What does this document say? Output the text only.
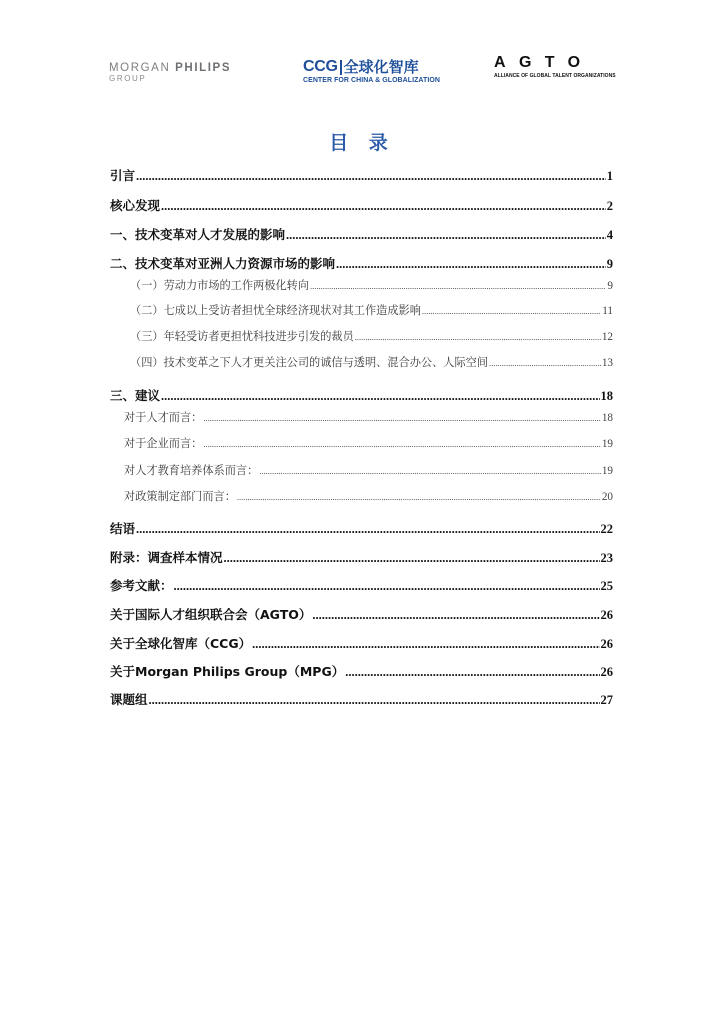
MORGAN PHILIPS
GROUP
CCG 全球化智库
CENTER FOR CHINA & GLOBALIZATION
AGTO
ALLIANCE OF GLOBAL TALENT ORGANIZATIONS
目 录
引言 .....	1
核心发现 .....	2
一、技术变革对人才发展的影响 .....	4
二、技术变革对亚洲人力资源市场的影响 .....	9
（一）劳动力市场的工作两极化转向 .....	9
（二）七成以上受访者担忧全球经济现状对其工作造成影响 .....	11
（三）年轻受访者更担忧科技进步引发的裁员 .....	12
（四）技术变革之下人才更关注公司的诚信与透明、混合办公、人际空间 .....	13
三、建议 .....	18
对于人才而言： .....	18
对于企业而言： .....	19
对人才教育培养体系而言： .....	19
对政策制定部门而言： .....	20
结语 .....	22
附录：调查样本情况 .....	23
参考文献： .....	25
关于国际人才组织联合会（AGTO） .....	26
关于全球化智库（CCG） .....	26
关于Morgan Philips Group（MPG） .....	26
课题组 .....	27
